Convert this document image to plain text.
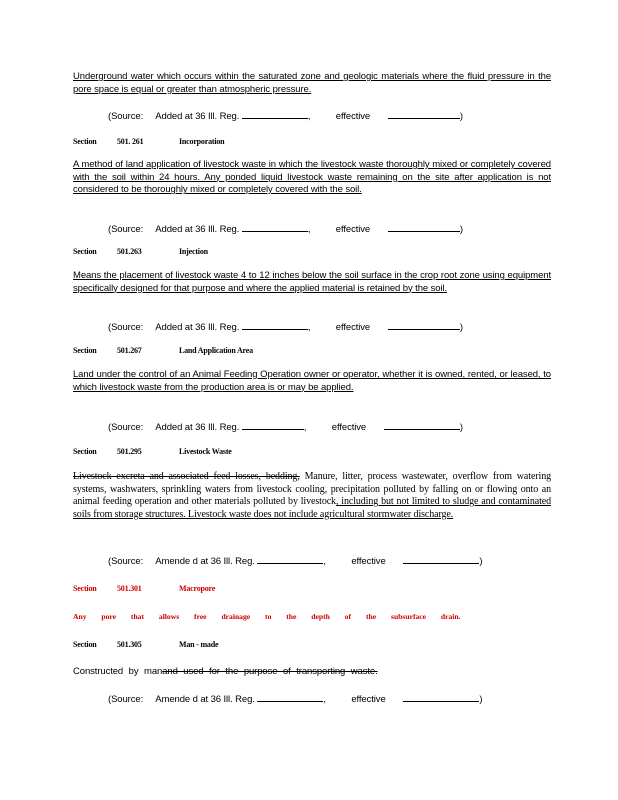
Underground water which occurs within the saturated zone and geologic materials where the fluid pressure in the pore space is equal or greater than atmospheric pressure.
(Source: Added at 36 Ill. Reg.	,	effective	)
Section	501. 261	Incorporation
A method of land application of livestock waste in which the livestock waste thoroughly mixed or completely covered with the soil within 24 hours. Any ponded liquid livestock waste remaining on the site after application is not considered to be thoroughly mixed or completely covered with the soil.
(Source: Added at 36 Ill. Reg.	,	effective	)
Section	501.263	Injection
Means the placement of livestock waste 4 to 12 inches below the soil surface in the crop root zone using equipment specifically designed for that purpose and where the applied material is retained by the soil.
(Source: Added at 36 Ill. Reg.	,	effective	)
Section	501.267	Land Application Area
Land under the control of an Animal Feeding Operation owner or operator, whether it is owned, rented, or leased, to which livestock waste from the production area is or may be applied.
(Source: Added at 36 Ill. Reg.	,	effective	)
Section	501.295	Livestock Waste
Livestock excreta and associated feed losses, bedding, Manure, litter, process wastewater, overflow from watering systems, washwaters, sprinkling waters from livestock cooling, precipitation polluted by falling on or flowing onto an animal feeding operation and other materials polluted by livestock, including but not limited to sludge and contaminated soils from storage structures. Livestock waste does not include agricultural stormwater discharge.
(Source: Amende d at 36 Ill. Reg.	,	effective	)
Section	501.301	Macropore
Any pore that allows free drainage to the depth of the subsurface drain.
Section	501.305	Man - made
Constructed by manand used for the purpose of transporting waste.
(Source: Amende d at 36 Ill. Reg.	,	effective	)
